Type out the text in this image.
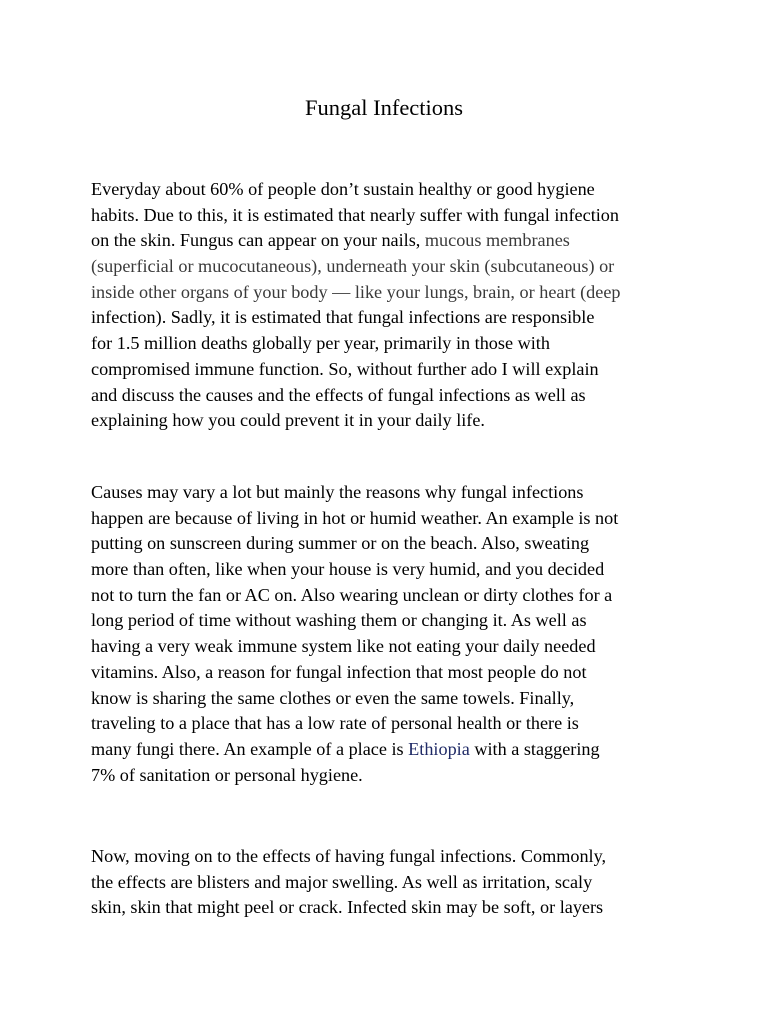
Fungal Infections

Everyday about 60% of people don’t sustain healthy or good hygiene
habits. Due to this, it is estimated that nearly suffer with fungal infection
on the skin. Fungus can appear on your nails, mucous membranes
(superficial or mucocutaneous), underneath your skin (subcutaneous) or
inside other organs of your body — like your lungs, brain, or heart (deep
infection). Sadly, it is estimated that fungal infections are responsible
for 1.5 million deaths globally per year, primarily in those with
compromised immune function. So, without further ado I will explain
and discuss the causes and the effects of fungal infections as well as
explaining how you could prevent it in your daily life.

Causes may vary a lot but mainly the reasons why fungal infections
happen are because of living in hot or humid weather. An example is not
putting on sunscreen during summer or on the beach. Also, sweating
more than often, like when your house is very humid, and you decided
not to turn the fan or AC on. Also wearing unclean or dirty clothes for a
long period of time without washing them or changing it. As well as
having a very weak immune system like not eating your daily needed
vitamins. Also, a reason for fungal infection that most people do not
know is sharing the same clothes or even the same towels. Finally,
traveling to a place that has a low rate of personal health or there is
many fungi there. An example of a place is Ethiopia with a staggering
7% of sanitation or personal hygiene.

Now, moving on to the effects of having fungal infections. Commonly,
the effects are blisters and major swelling. As well as irritation, scaly
skin, skin that might peel or crack. Infected skin may be soft, or layers
